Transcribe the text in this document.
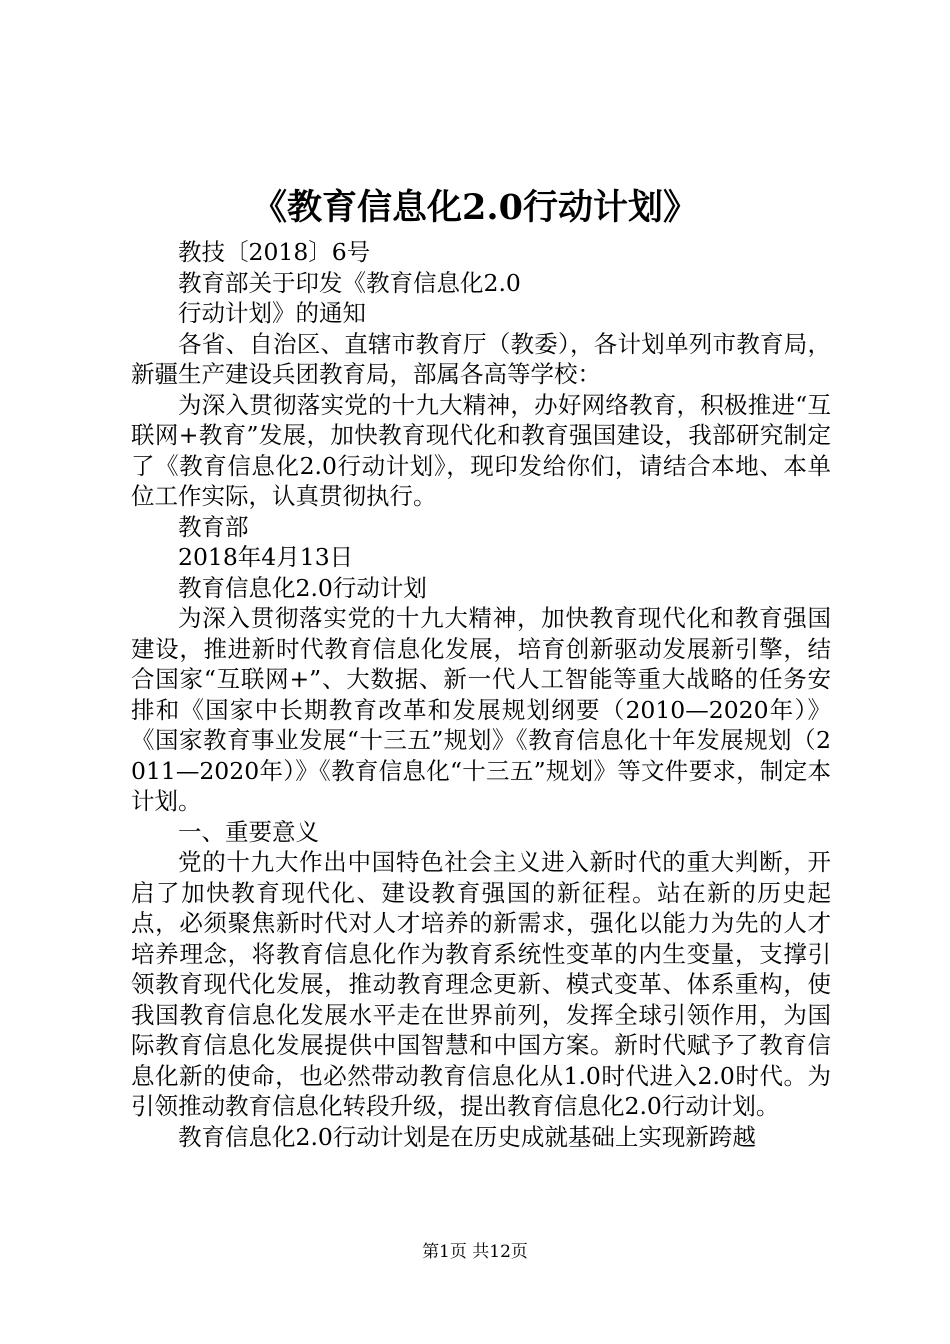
《教育信息化2.0行动计划》

教技〔2018〕6号

教育部关于印发《教育信息化2.0

行动计划》的通知

各省、自治区、直辖市教育厅（教委），各计划单列市教育局，新疆生产建设兵团教育局，部属各高等学校：

为深入贯彻落实党的十九大精神，办好网络教育，积极推进“互联网+教育”发展，加快教育现代化和教育强国建设，我部研究制定了《教育信息化2.0行动计划》，现印发给你们，请结合本地、本单位工作实际，认真贯彻执行。

教育部

2018年4月13日

教育信息化2.0行动计划

为深入贯彻落实党的十九大精神，加快教育现代化和教育强国建设，推进新时代教育信息化发展，培育创新驱动发展新引擎，结合国家“互联网+”、大数据、新一代人工智能等重大战略的任务安排和《国家中长期教育改革和发展规划纲要（2010—2020年）》《国家教育事业发展“十三五”规划》《教育信息化十年发展规划（2011—2020年）》《教育信息化“十三五”规划》等文件要求，制定本计划。

一、重要意义

党的十九大作出中国特色社会主义进入新时代的重大判断，开启了加快教育现代化、建设教育强国的新征程。站在新的历史起点，必须聚焦新时代对人才培养的新需求，强化以能力为先的人才培养理念，将教育信息化作为教育系统性变革的内生变量，支撑引领教育现代化发展，推动教育理念更新、模式变革、体系重构，使我国教育信息化发展水平走在世界前列，发挥全球引领作用，为国际教育信息化发展提供中国智慧和中国方案。新时代赋予了教育信息化新的使命，也必然带动教育信息化从1.0时代进入2.0时代。为引领推动教育信息化转段升级，提出教育信息化2.0行动计划。

教育信息化2.0行动计划是在历史成就基础上实现新跨越

第1页 共12页
